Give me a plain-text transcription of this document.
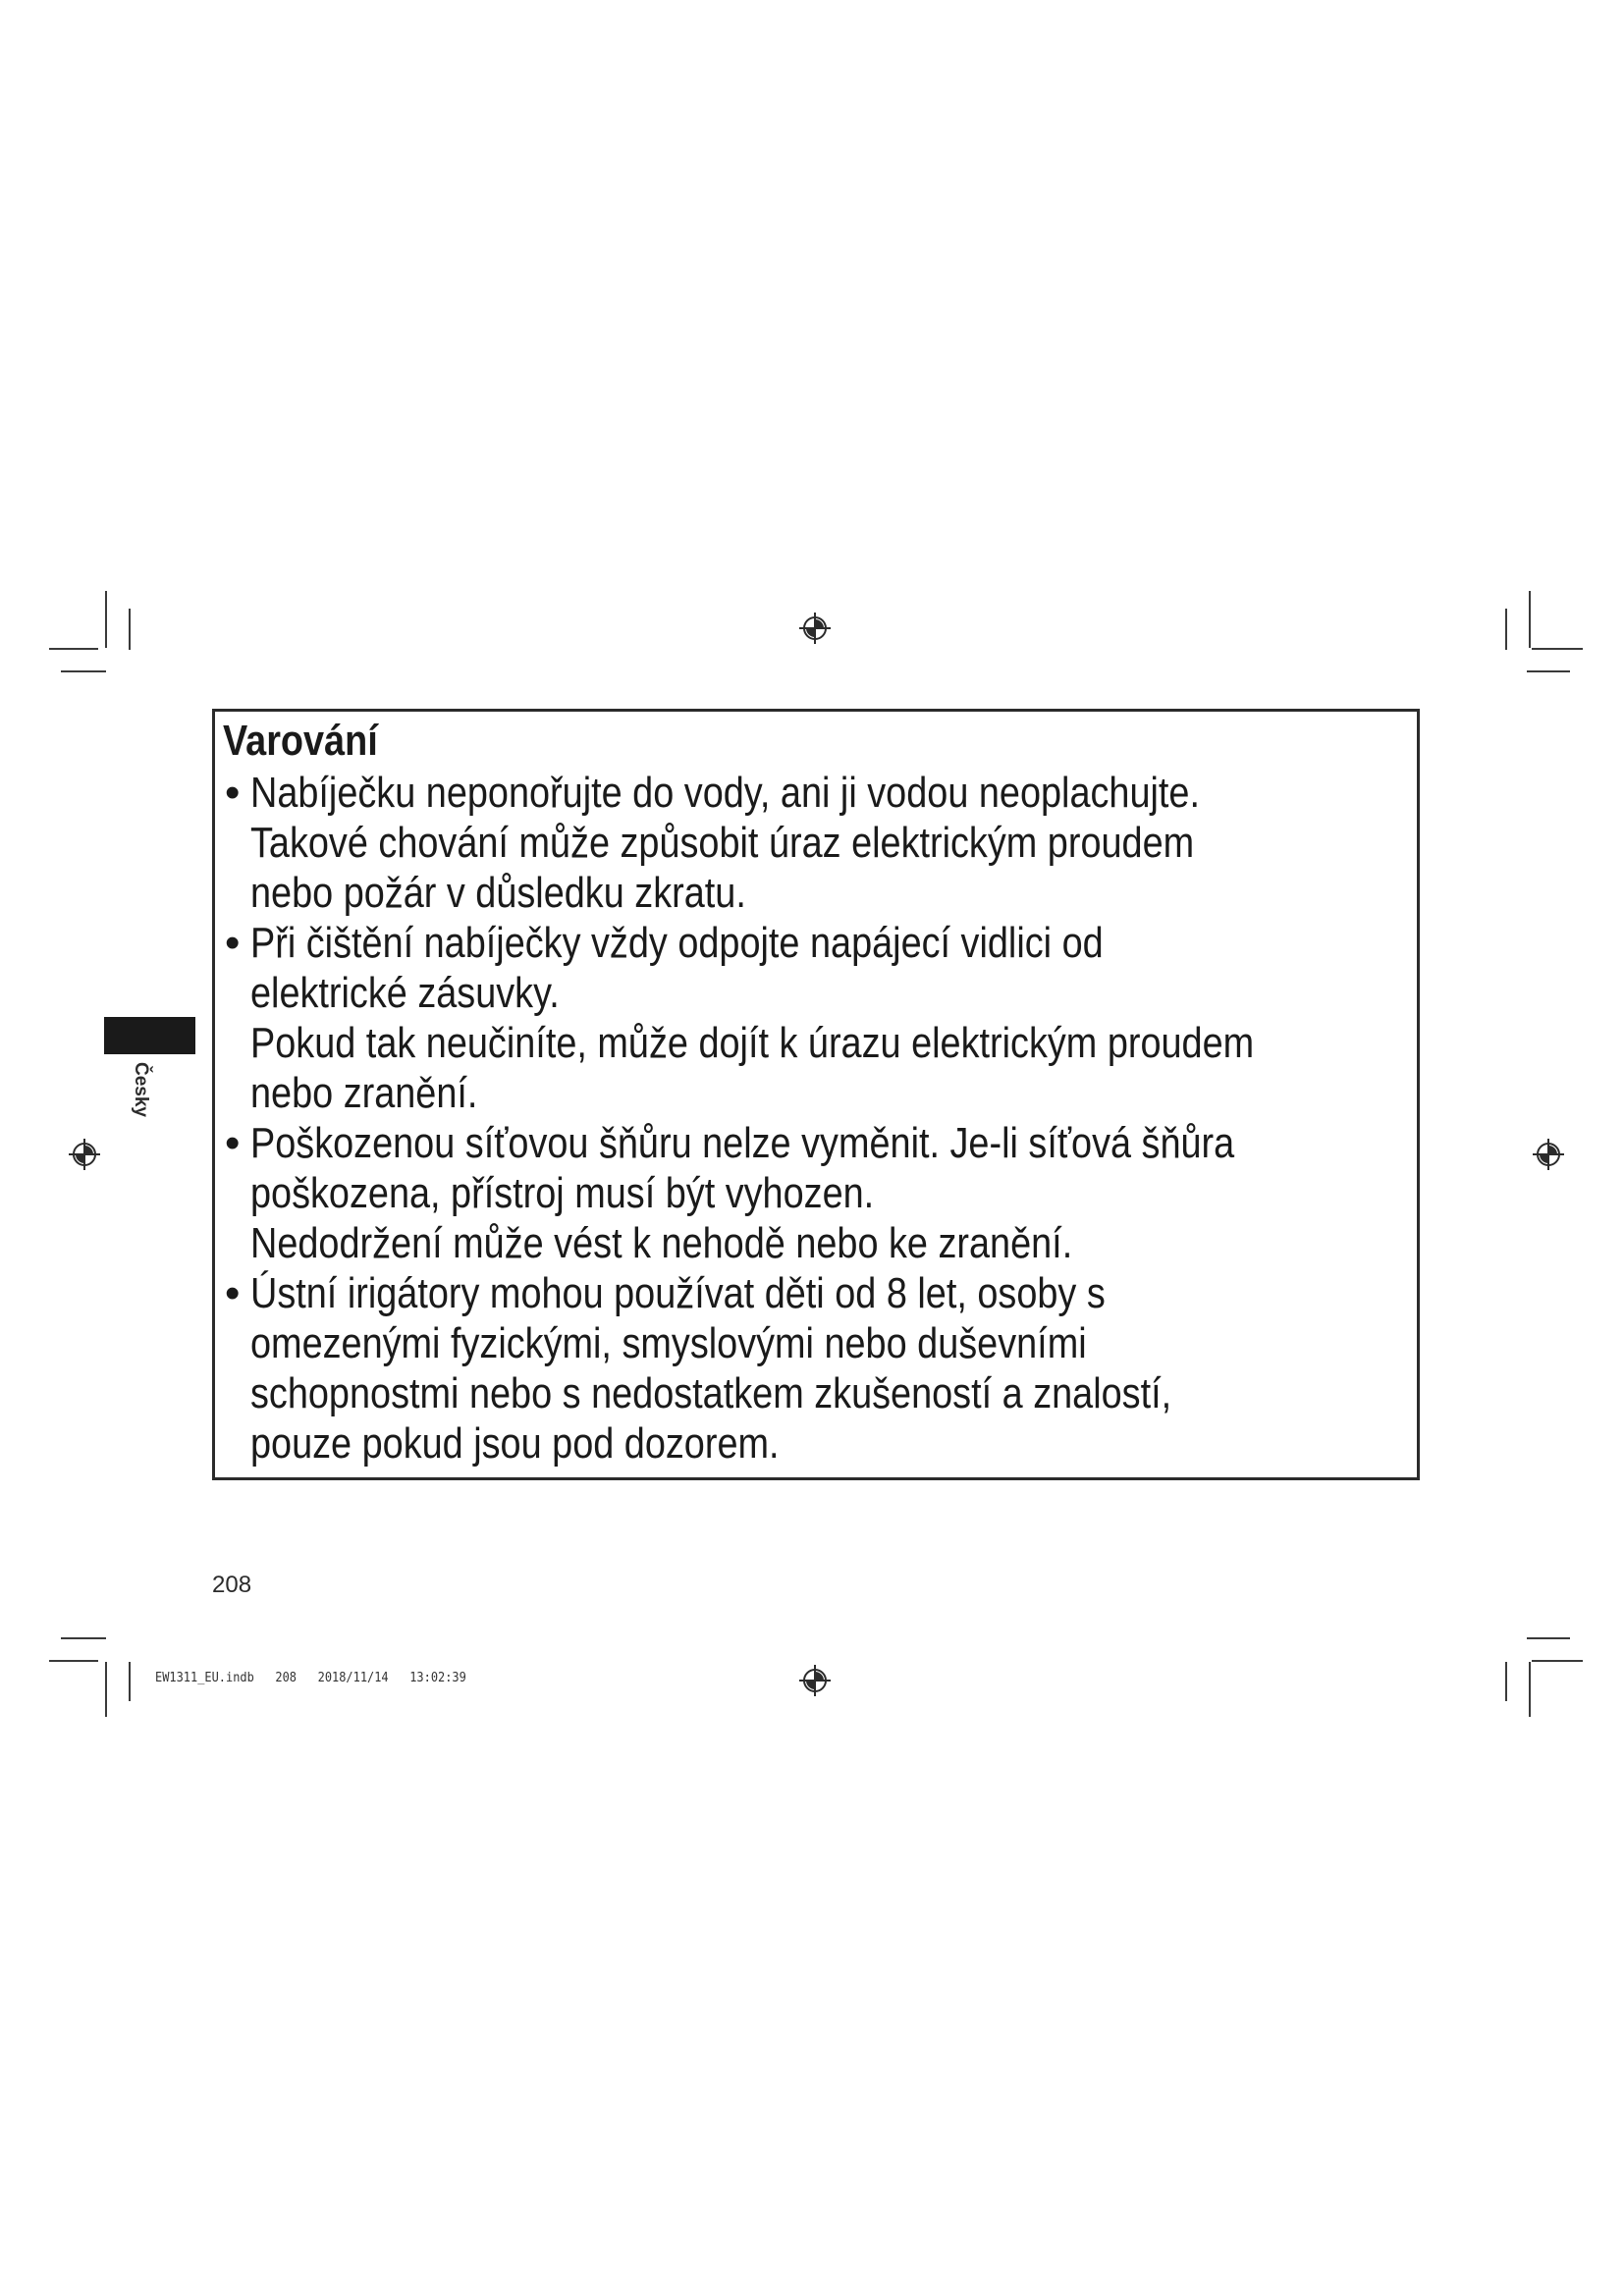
Česky
Varování
• Nabíječku neponořujte do vody, ani ji vodou neoplachujte.
Takové chování může způsobit úraz elektrickým proudem
nebo požár v důsledku zkratu.
• Při čištění nabíječky vždy odpojte napájecí vidlici od
elektrické zásuvky.
Pokud tak neučiníte, může dojít k úrazu elektrickým proudem
nebo zranění.
• Poškozenou síťovou šňůru nelze vyměnit. Je-li síťová šňůra
poškozena, přístroj musí být vyhozen.
Nedodržení může vést k nehodě nebo ke zranění.
• Ústní irigátory mohou používat děti od 8 let, osoby s
omezenými fyzickými, smyslovými nebo duševními
schopnostmi nebo s nedostatkem zkušeností a znalostí,
pouze pokud jsou pod dozorem.
208
EW1311_EU.indb   208   2018/11/14   13:02:39
